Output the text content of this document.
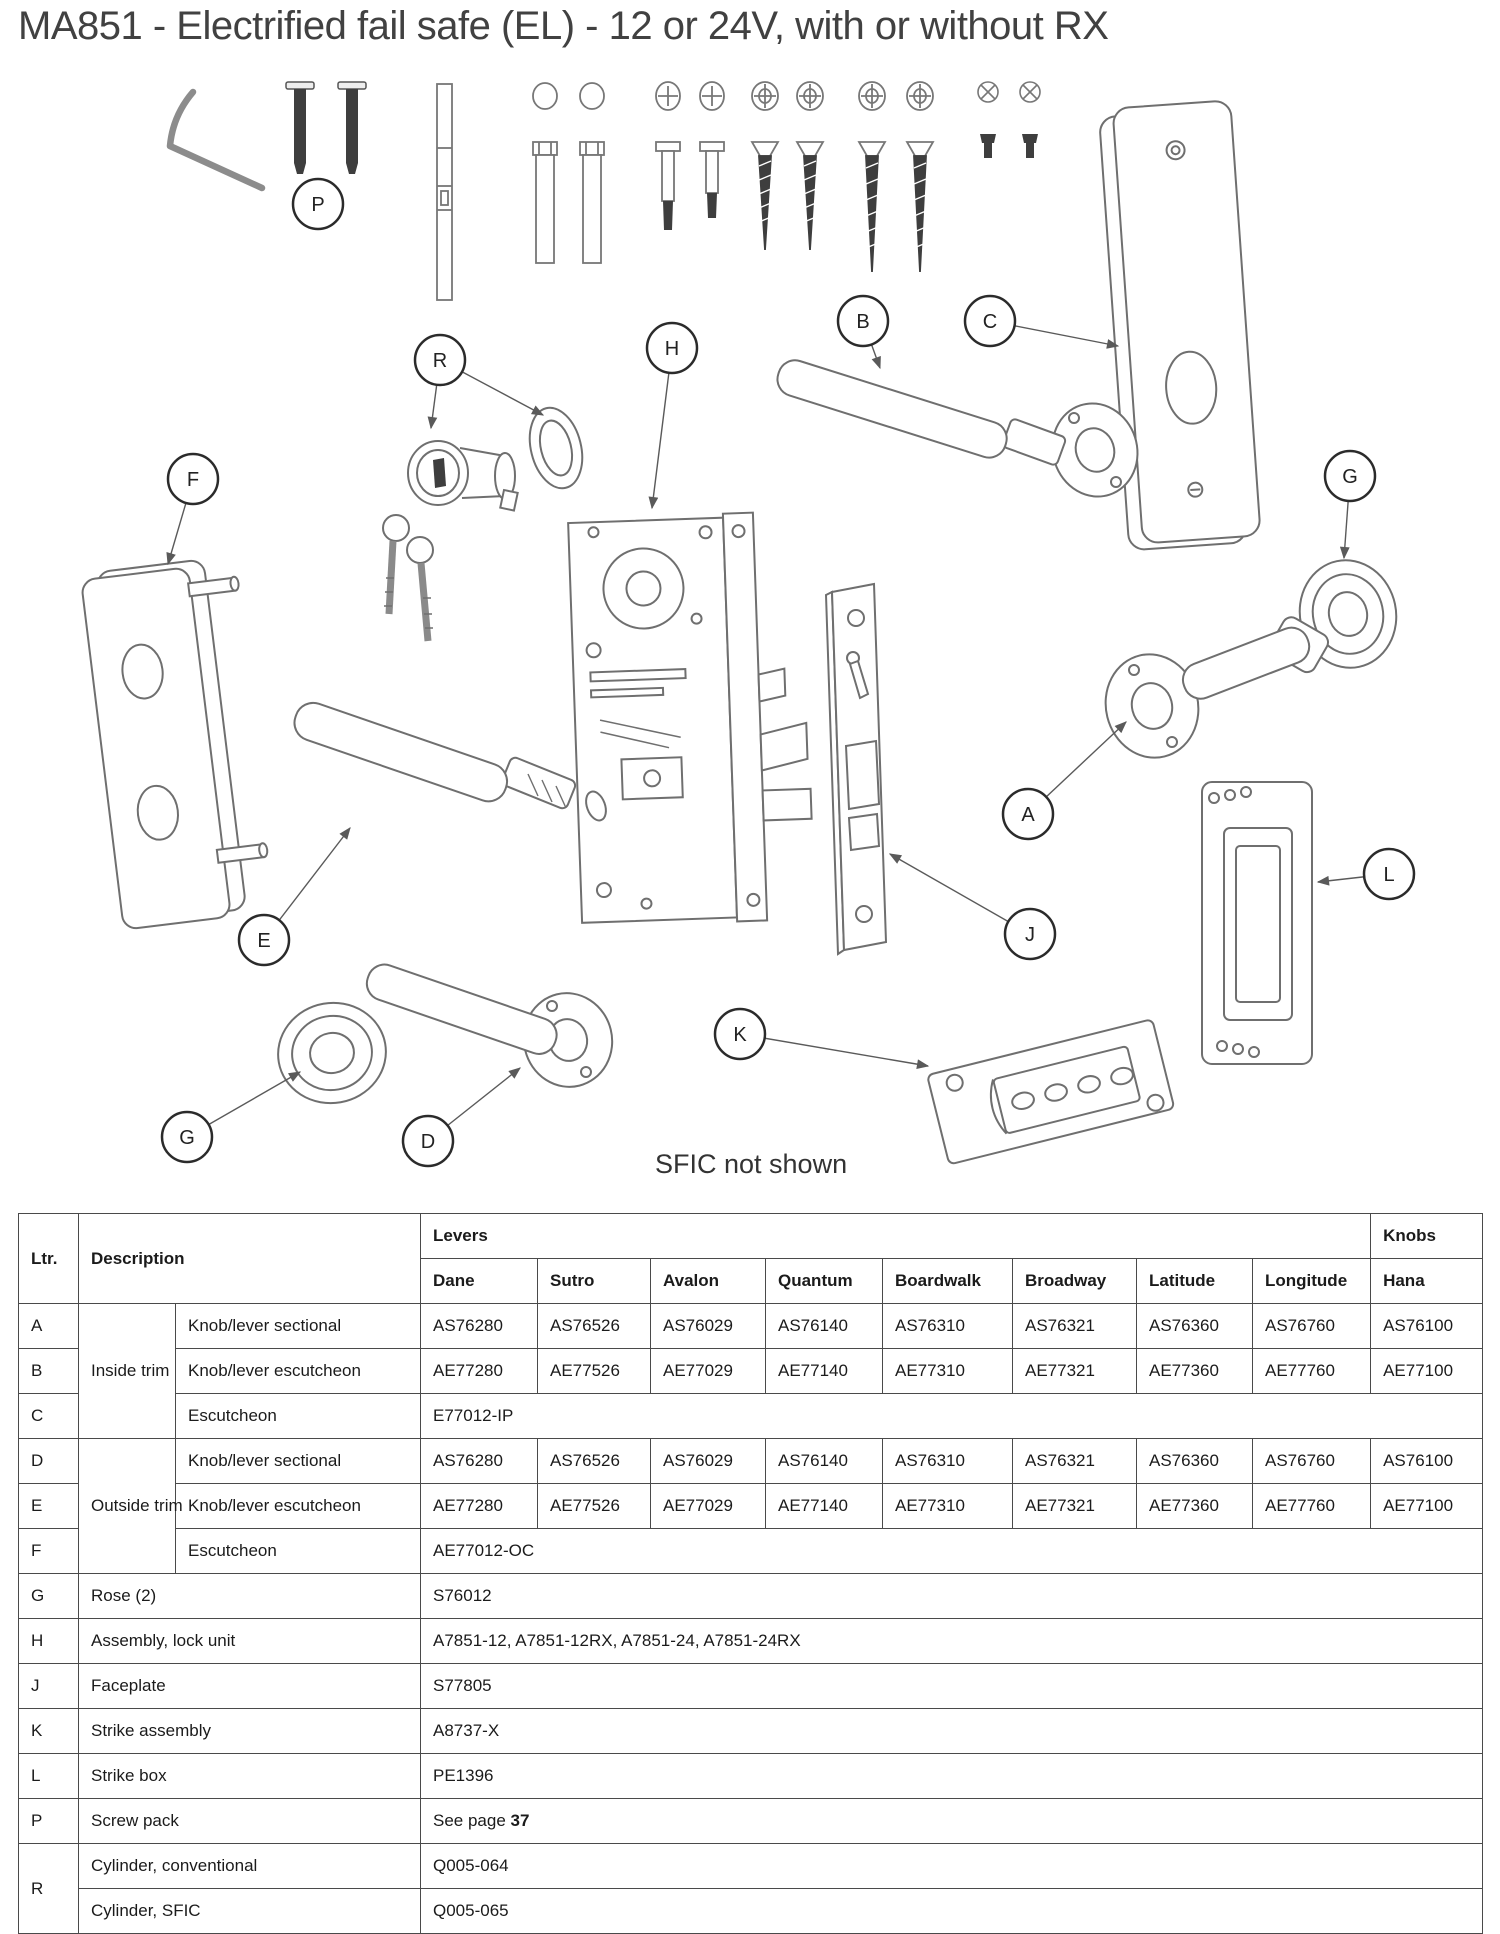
MA851 - Electrified fail safe (EL) - 12 or 24V, with or without RX
P
R
H
B	C
F	G
A
E	J
L
K
G	D
SFIC not shown
Ltr.	Description		Levers								Knobs
			Dane	Sutro	Avalon	Quantum	Boardwalk	Broadway	Latitude	Longitude	Hana
A	Inside trim	Knob/lever sectional	AS76280	AS76526	AS76029	AS76140	AS76310	AS76321	AS76360	AS76760	AS76100
B		Knob/lever escutcheon	AE77280	AE77526	AE77029	AE77140	AE77310	AE77321	AE77360	AE77760	AE77100
C		Escutcheon	E77012-IP								
D	Outside trim	Knob/lever sectional	AS76280	AS76526	AS76029	AS76140	AS76310	AS76321	AS76360	AS76760	AS76100
E		Knob/lever escutcheon	AE77280	AE77526	AE77029	AE77140	AE77310	AE77321	AE77360	AE77760	AE77100
F		Escutcheon	AE77012-OC								
G	Rose (2)		S76012								
H	Assembly, lock unit		A7851-12, A7851-12RX, A7851-24, A7851-24RX								
J	Faceplate		S77805								
K	Strike assembly		A8737-X								
L	Strike box		PE1396								
P	Screw pack		See page 37								
R	Cylinder, conventional		Q005-064								
	Cylinder, SFIC		Q005-065								
